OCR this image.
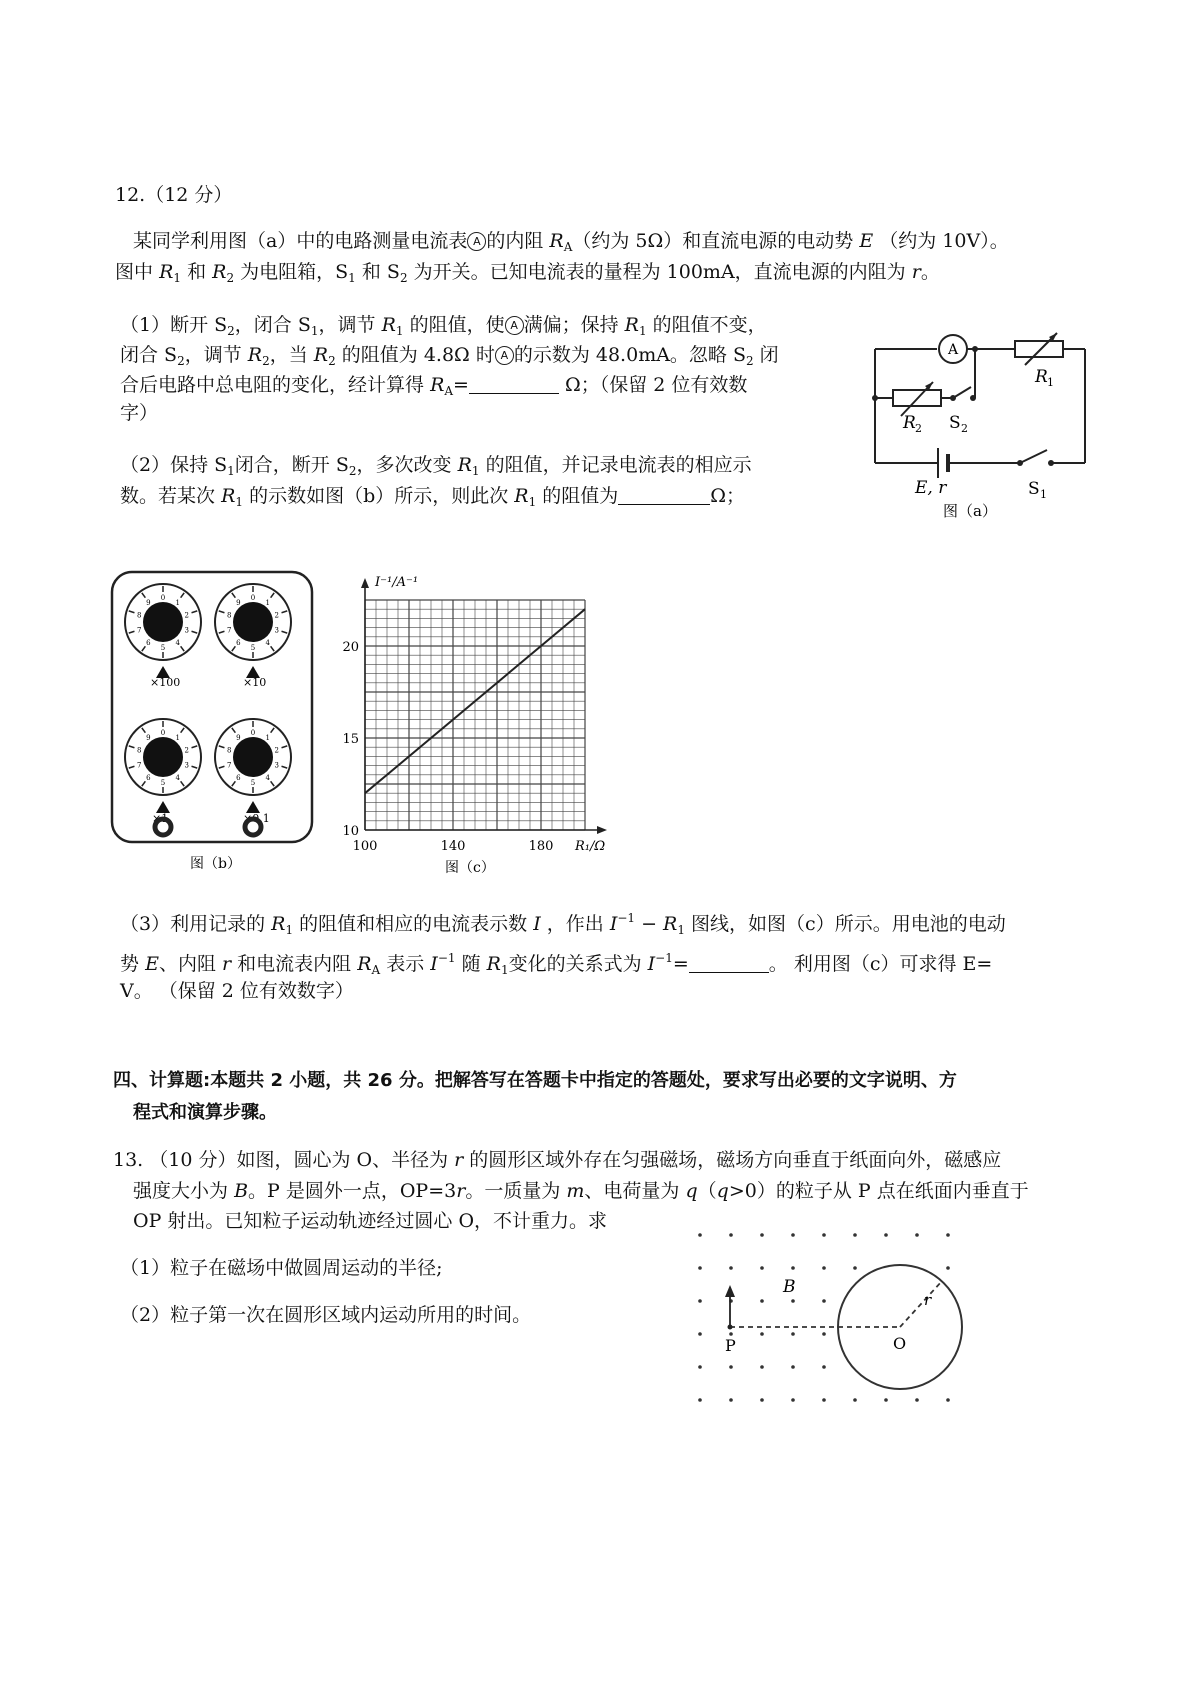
12.（12 分）
某同学利用图（a）中的电路测量电流表 A 的内阻 $R_A$（约为 5Ω）和直流电源的电动势 E （约为 10V）。
图中 $R_1$ 和 $R_2$ 为电阻箱，$S_1$ 和 $S_2$ 为开关。已知电流表的量程为 100mA，直流电源的内阻为 r。
（1）断开 $S_2$，闭合 $S_1$，调节 $R_1$ 的阻值，使 A 满偏；保持 $R_1$ 的阻值不变，
闭合 $S_2$，调节 $R_2$，当 $R_2$ 的阻值为 4.8Ω 时 A 的示数为 48.0mA。忽略 $S_2$ 闭
合后电路中总电阻的变化，经计算得 $R_A=$	Ω；（保留 2 位有效数
字）
（2）保持 $S_1$闭合，断开 $S_2$，多次改变 $R_1$ 的阻值，并记录电流表的相应示
数。若某次 $R_1$ 的示数如图（b）所示，则此次 $R_1$ 的阻值为	Ω；
A
R 1
R 2 S 2
E, r	S 1
图（a）
0
1
2
3
4
5
6
7
8
9
0
1
2
3
4
5
6
7
8
9
0
1
2
3
4
5
6
7
8
9
0
1
2
3
4
5
6
7
8
9
×100	×10
×1	×0.1
图（b）
100	140	180
10
15
20
I⁻¹/A⁻¹
R₁/Ω
图（c）
（3）利用记录的 $R_1$ 的阻值和相应的电流表示数 I ，作出 $I^{-1} - R_1$ 图线，如图（c）所示。用电池的电动
势 E、内阻 r 和电流表内阻 $R_A$ 表示 $I^{-1}$ 随 $R_1$变化的关系式为 $I^{-1}=$	。 利用图（c）可求得 E=
V。 （保留 2 位有效数字）
四、计算题:本题共 2 小题，共 26 分。把解答写在答题卡中指定的答题处，要求写出必要的文字说明、方
程式和演算步骤。
13. （10 分）如图，圆心为 O、半径为 r 的圆形区域外存在匀强磁场，磁场方向垂直于纸面向外，磁感应
强度大小为 B。P 是圆外一点，OP=3r。一质量为 m、电荷量为 q（q>0）的粒子从 P 点在纸面内垂直于
OP 射出。已知粒子运动轨迹经过圆心 O，不计重力。求
（1）粒子在磁场中做圆周运动的半径;
（2）粒子第一次在圆形区域内运动所用的时间。
B
r
P	O
